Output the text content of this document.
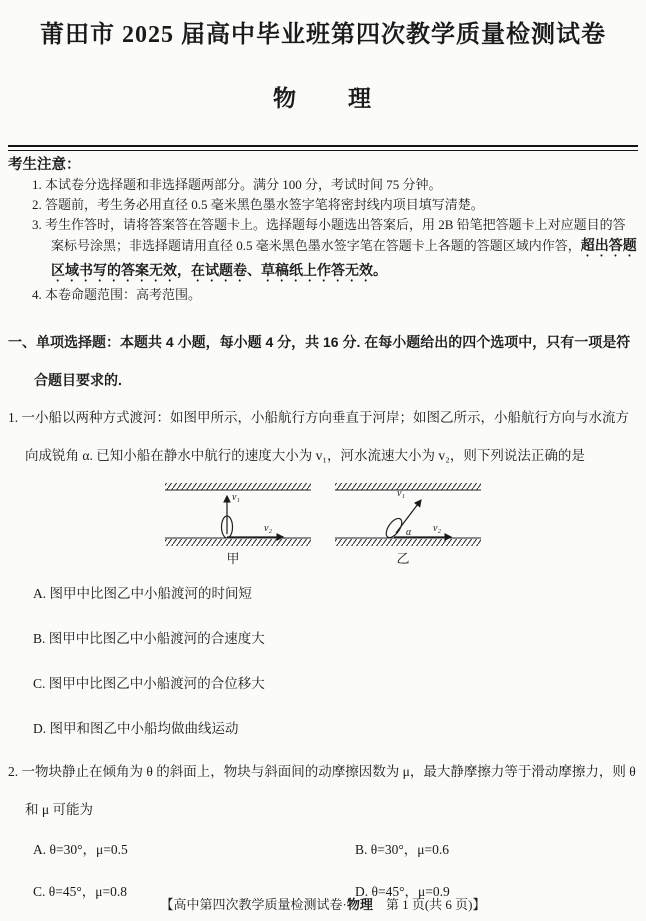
莆田市 2025 届高中毕业班第四次教学质量检测试卷
物　　理
考生注意：
1. 本试卷分选择题和非选择题两部分。满分 100 分，考试时间 75 分钟。
2. 答题前，考生务必用直径 0.5 毫米黑色墨水签字笔将密封线内项目填写清楚。
3. 考生作答时，请将答案答在答题卡上。选择题每小题选出答案后，用 2B 铅笔把答题卡上对应题目的答案标号涂黑；非选择题请用直径 0.5 毫米黑色墨水签字笔在答题卡上各题的答题区域内作答，超出答题区域书写的答案无效，在试题卷、草稿纸上作答无效。
4. 本卷命题范围：高考范围。
一、单项选择题：本题共 4 小题，每小题 4 分，共 16 分. 在每小题给出的四个选项中，只有一项是符合题目要求的.
1. 一小船以两种方式渡河：如图甲所示，小船航行方向垂直于河岸；如图乙所示，小船航行方向与水流方向成锐角 α. 已知小船在静水中航行的速度大小为 v₁，河水流速大小为 v₂，则下列说法正确的是
v₁
v₂
甲
v₁
α v₂
乙
A. 图甲中比图乙中小船渡河的时间短
B. 图甲中比图乙中小船渡河的合速度大
C. 图甲中比图乙中小船渡河的合位移大
D. 图甲和图乙中小船均做曲线运动
2. 一物块静止在倾角为 θ 的斜面上，物块与斜面间的动摩擦因数为 μ，最大静摩擦力等于滑动摩擦力，则 θ 和 μ 可能为
A. θ=30°，μ=0.5	B. θ=30°，μ=0.6
C. θ=45°，μ=0.8	D. θ=45°，μ=0.9
【高中第四次教学质量检测试卷·物理　第 1 页(共 6 页)】
